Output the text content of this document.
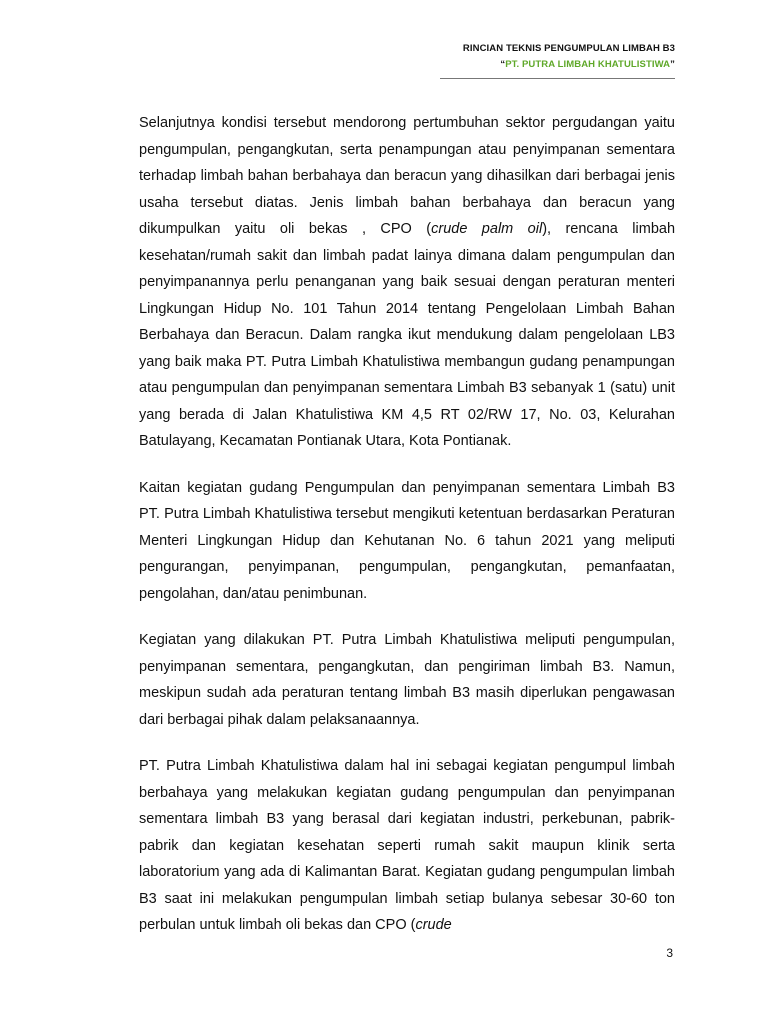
RINCIAN TEKNIS PENGUMPULAN LIMBAH B3
“PT. PUTRA LIMBAH KHATULISTIWA”

Selanjutnya kondisi tersebut mendorong pertumbuhan sektor pergudangan yaitu pengumpulan, pengangkutan, serta penampungan atau penyimpanan sementara terhadap limbah bahan berbahaya dan beracun yang dihasilkan dari berbagai jenis usaha tersebut diatas. Jenis limbah bahan berbahaya dan beracun yang dikumpulkan yaitu oli bekas , CPO (crude palm oil), rencana limbah kesehatan/rumah sakit dan limbah padat lainya dimana dalam pengumpulan dan penyimpanannya perlu penanganan yang baik sesuai dengan peraturan menteri Lingkungan Hidup No. 101 Tahun 2014 tentang Pengelolaan Limbah Bahan Berbahaya dan Beracun. Dalam rangka ikut mendukung dalam pengelolaan LB3 yang baik maka PT. Putra Limbah Khatulistiwa membangun gudang penampungan atau pengumpulan dan penyimpanan sementara Limbah B3 sebanyak 1 (satu) unit yang berada di Jalan Khatulistiwa KM 4,5 RT 02/RW 17, No. 03, Kelurahan Batulayang, Kecamatan Pontianak Utara, Kota Pontianak.

Kaitan kegiatan gudang Pengumpulan dan penyimpanan sementara Limbah B3 PT. Putra Limbah Khatulistiwa tersebut mengikuti ketentuan berdasarkan Peraturan Menteri Lingkungan Hidup dan Kehutanan No. 6 tahun 2021 yang meliputi pengurangan, penyimpanan, pengumpulan, pengangkutan, pemanfaatan, pengolahan, dan/atau penimbunan.

Kegiatan yang dilakukan PT. Putra Limbah Khatulistiwa meliputi pengumpulan, penyimpanan sementara, pengangkutan, dan pengiriman limbah B3. Namun, meskipun sudah ada peraturan tentang limbah B3 masih diperlukan pengawasan dari berbagai pihak dalam pelaksanaannya.

PT. Putra Limbah Khatulistiwa dalam hal ini sebagai kegiatan pengumpul limbah berbahaya yang melakukan kegiatan gudang pengumpulan dan penyimpanan sementara limbah B3 yang berasal dari kegiatan industri, perkebunan, pabrik-pabrik dan kegiatan kesehatan seperti rumah sakit maupun klinik serta laboratorium yang ada di Kalimantan Barat. Kegiatan gudang pengumpulan limbah B3 saat ini melakukan pengumpulan limbah setiap bulanya sebesar 30-60 ton perbulan untuk limbah oli bekas dan CPO (crude

3
